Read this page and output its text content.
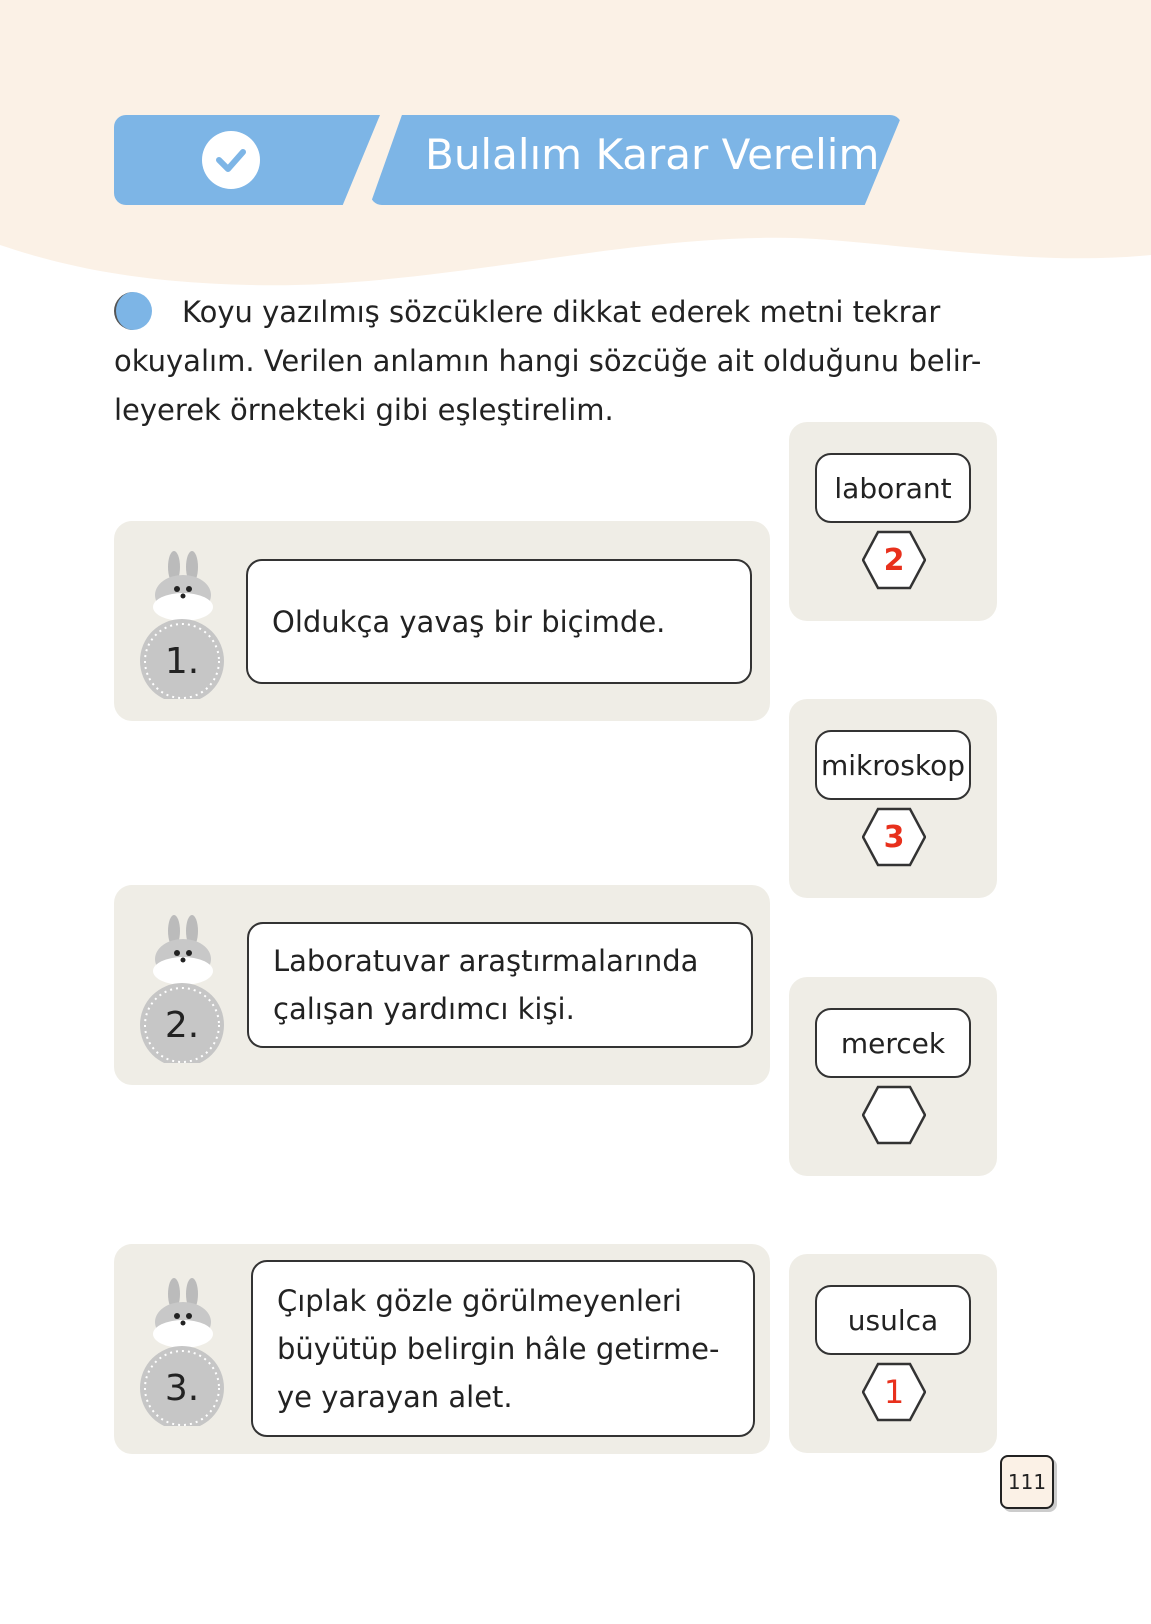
Bulalım Karar Verelim
Koyu yazılmış sözcüklere dikkat ederek metni tekrar okuyalım. Verilen anlamın hangi sözcüğe ait olduğunu belir-leyerek örnekteki gibi eşleştirelim.
1.
Oldukça yavaş bir biçimde.
2.
Laboratuvar araştırmalarında çalışan yardımcı kişi.
3.
Çıplak gözle görülmeyenleri büyütüp belirgin hâle getirme-ye yarayan alet.
laborant
2
mikroskop
3
mercek
usulca
1
111
